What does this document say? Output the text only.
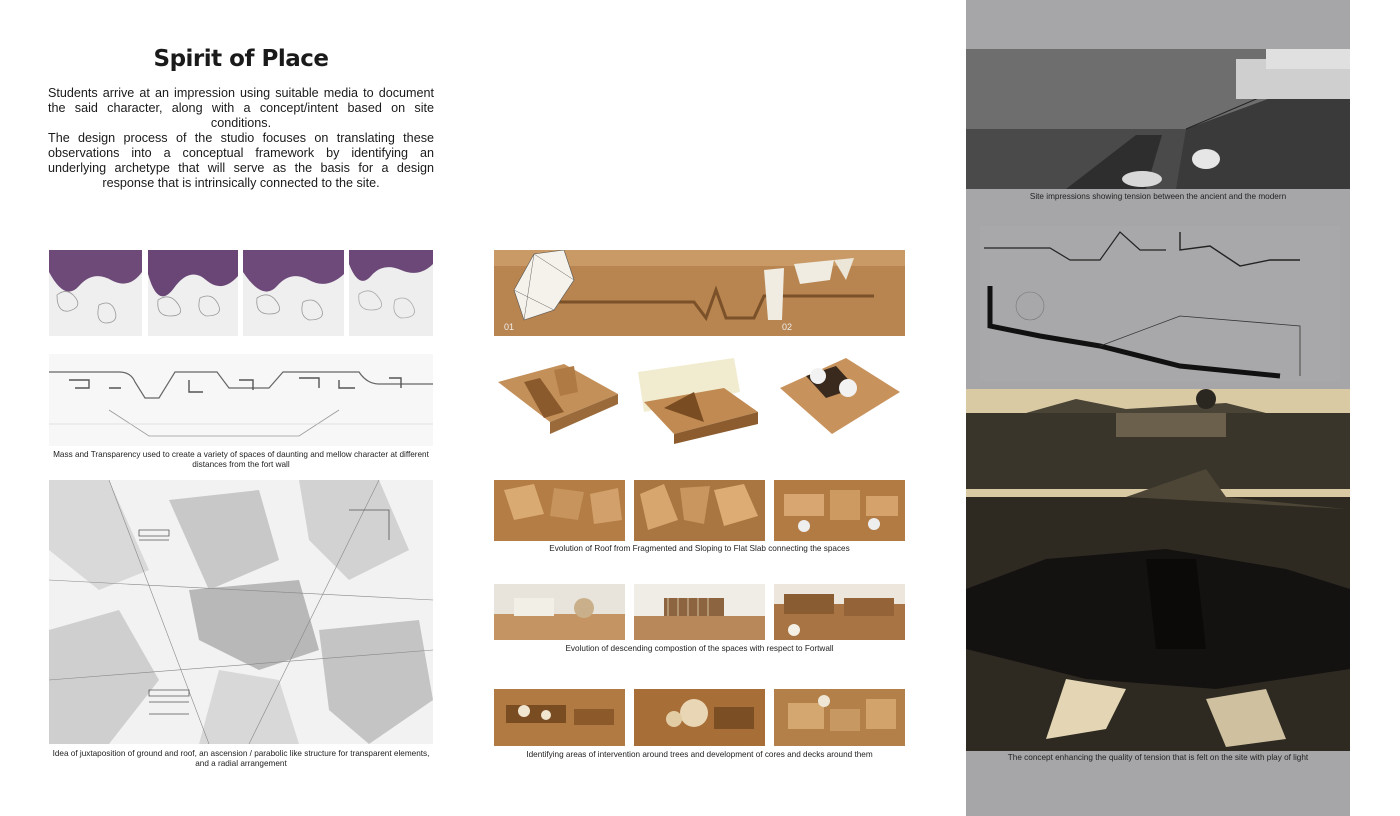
Spirit of Place

Students arrive at an impression using suitable media to document the said character, along with a concept/intent based on site conditions.

The design process of the studio focuses on translating these observations into a conceptual framework by identifying an underlying archetype that will serve as the basis for a design response that is intrinsically connected to the site.

Mass and Transparency used to create a variety of spaces of daunting and mellow character at different distances from the fort wall
Idea of juxtaposition of ground and roof, an ascension / parabolic like structure for transparent elements, and a radial arrangement
01	02
Evolution of Roof from Fragmented and Sloping to Flat Slab connecting the spaces
Evolution of descending compostion of the spaces with respect to Fortwall
Identifying areas of intervention around trees and development of cores and decks around them
Site impressions showing tension between the ancient and the modern
The concept enhancing the quality of tension that is felt on the site with play of light
